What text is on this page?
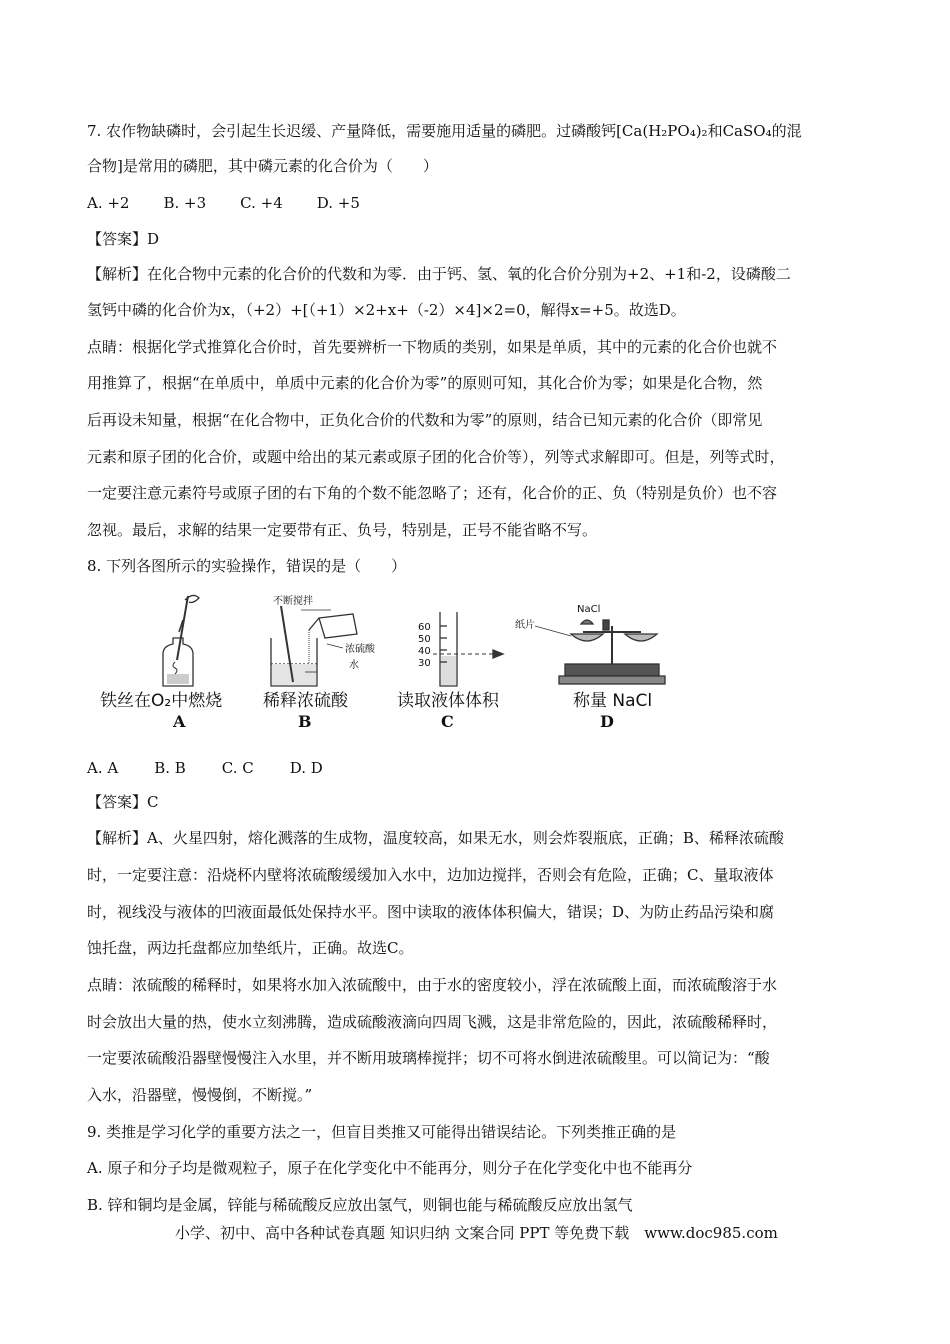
7. 农作物缺磷时，会引起生长迟缓、产量降低，需要施用适量的磷肥。过磷酸钙[Ca(H₂PO₄)₂和CaSO₄的混
合物]是常用的磷肥，其中磷元素的化合价为（　　）
A. +2 B. +3 C. +4 D. +5
【答案】D
【解析】在化合物中元素的化合价的代数和为零．由于钙、氢、氧的化合价分别为+2、+1和-2，设磷酸二
氢钙中磷的化合价为x，（+2）+[（+1）×2+x+（-2）×4]×2=0，解得x=+5。故选D。
点睛：根据化学式推算化合价时，首先要辨析一下物质的类别，如果是单质，其中的元素的化合价也就不
用推算了，根据“在单质中，单质中元素的化合价为零”的原则可知，其化合价为零；如果是化合物，然
后再设未知量，根据“在化合物中，正负化合价的代数和为零”的原则，结合已知元素的化合价（即常见
元素和原子团的化合价，或题中给出的某元素或原子团的化合价等），列等式求解即可。但是，列等式时，
一定要注意元素符号或原子团的右下角的个数不能忽略了；还有，化合价的正、负（特别是负价）也不容
忽视。最后，求解的结果一定要带有正、负号，特别是，正号不能省略不写。
8. 下列各图所示的实验操作，错误的是（　　）
不断搅拌
浓硫酸
水
60
50
40
30
NaCl
纸片
铁丝在O₂中燃烧 稀释浓硫酸	读取液体体积	称量 NaCl
A	B	C	D
A. A B. B C. C D. D
【答案】C
【解析】A、火星四射，熔化溅落的生成物，温度较高，如果无水，则会炸裂瓶底，正确；B、稀释浓硫酸
时，一定要注意：沿烧杯内壁将浓硫酸缓缓加入水中，边加边搅拌，否则会有危险，正确；C、量取液体
时，视线没与液体的凹液面最低处保持水平。图中读取的液体体积偏大，错误；D、为防止药品污染和腐
蚀托盘，两边托盘都应加垫纸片，正确。故选C。
点睛：浓硫酸的稀释时，如果将水加入浓硫酸中，由于水的密度较小，浮在浓硫酸上面，而浓硫酸溶于水
时会放出大量的热，使水立刻沸腾，造成硫酸液滴向四周飞溅，这是非常危险的，因此，浓硫酸稀释时，
一定要浓硫酸沿器壁慢慢注入水里，并不断用玻璃棒搅拌；切不可将水倒进浓硫酸里。可以简记为：“酸
入水，沿器壁，慢慢倒，不断搅。”
9. 类推是学习化学的重要方法之一，但盲目类推又可能得出错误结论。下列类推正确的是
A. 原子和分子均是微观粒子，原子在化学变化中不能再分，则分子在化学变化中也不能再分
B. 锌和铜均是金属，锌能与稀硫酸反应放出氢气，则铜也能与稀硫酸反应放出氢气
小学、初中、高中各种试卷真题 知识归纳 文案合同 PPT 等免费下载　www.doc985.com
